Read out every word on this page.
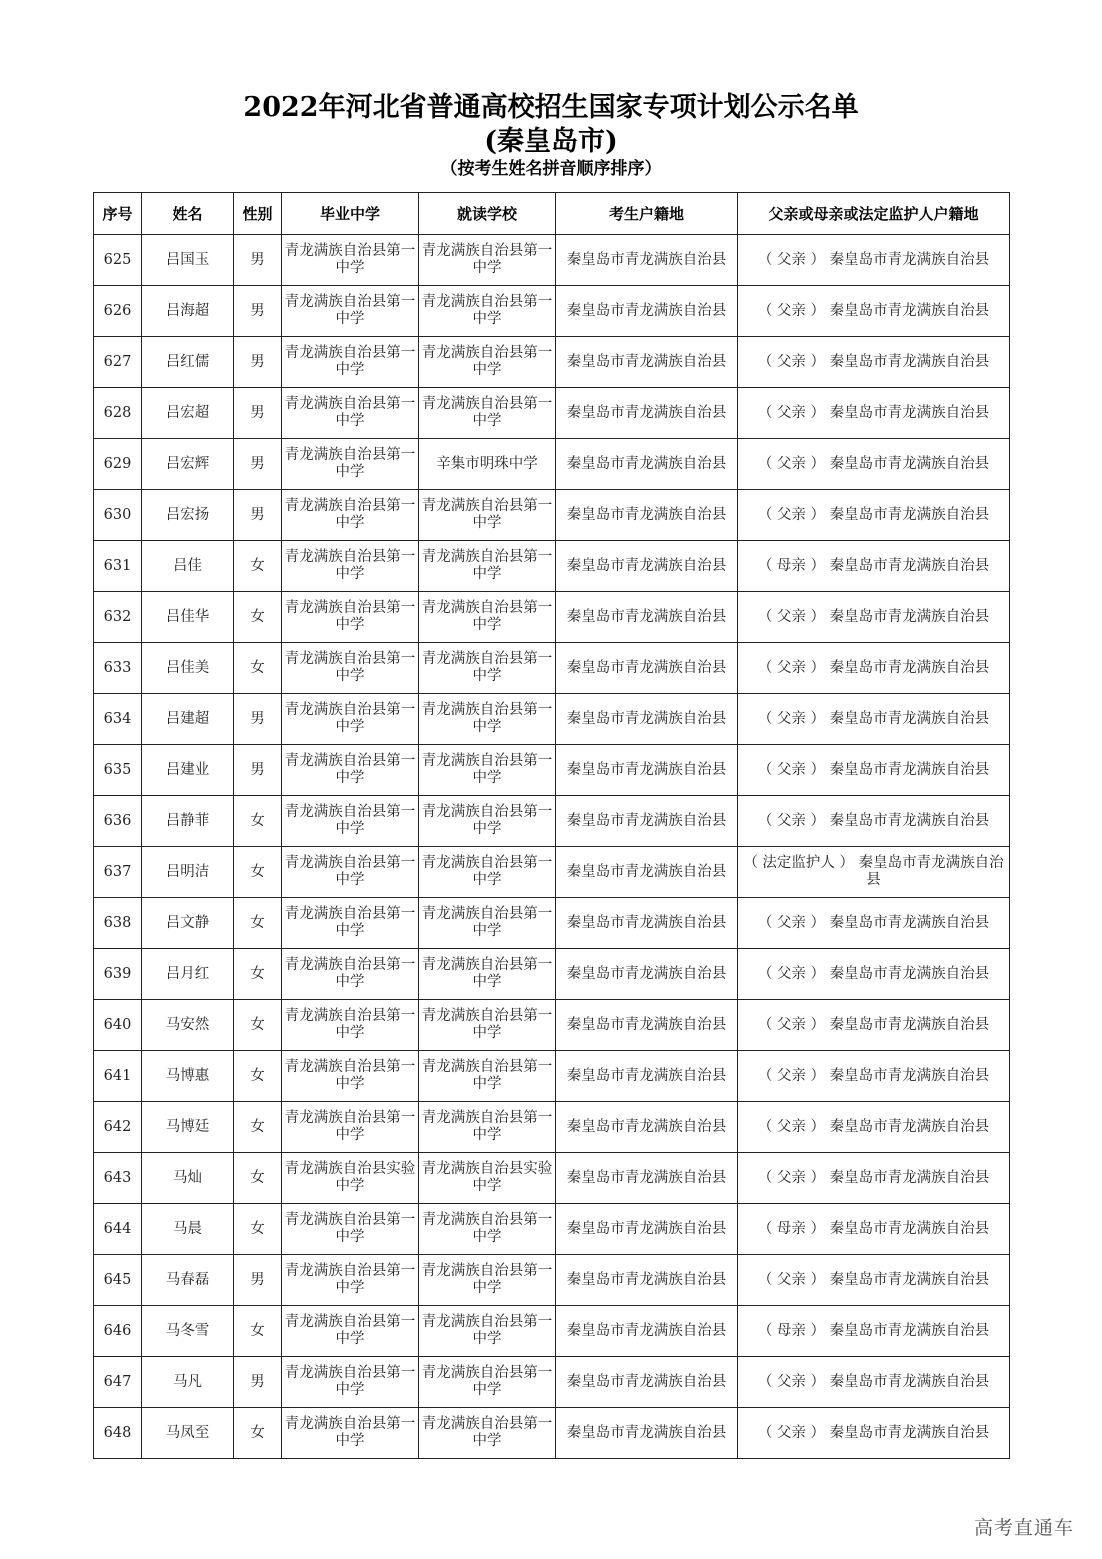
2022年河北省普通高校招生国家专项计划公示名单
(秦皇岛市)
（按考生姓名拼音顺序排序）
序号	姓名	性别	毕业中学	就读学校	考生户籍地	父亲或母亲或法定监护人户籍地
625	吕国玉	男	青龙满族自治县第一中学	青龙满族自治县第一中学	秦皇岛市青龙满族自治县	（ 父亲 ） 秦皇岛市青龙满族自治县
626	吕海超	男	青龙满族自治县第一中学	青龙满族自治县第一中学	秦皇岛市青龙满族自治县	（ 父亲 ） 秦皇岛市青龙满族自治县
627	吕红儒	男	青龙满族自治县第一中学	青龙满族自治县第一中学	秦皇岛市青龙满族自治县	（ 父亲 ） 秦皇岛市青龙满族自治县
628	吕宏超	男	青龙满族自治县第一中学	青龙满族自治县第一中学	秦皇岛市青龙满族自治县	（ 父亲 ） 秦皇岛市青龙满族自治县
629	吕宏辉	男	青龙满族自治县第一中学	辛集市明珠中学	秦皇岛市青龙满族自治县	（ 父亲 ） 秦皇岛市青龙满族自治县
630	吕宏扬	男	青龙满族自治县第一中学	青龙满族自治县第一中学	秦皇岛市青龙满族自治县	（ 父亲 ） 秦皇岛市青龙满族自治县
631	吕佳	女	青龙满族自治县第一中学	青龙满族自治县第一中学	秦皇岛市青龙满族自治县	（ 母亲 ） 秦皇岛市青龙满族自治县
632	吕佳华	女	青龙满族自治县第一中学	青龙满族自治县第一中学	秦皇岛市青龙满族自治县	（ 父亲 ） 秦皇岛市青龙满族自治县
633	吕佳美	女	青龙满族自治县第一中学	青龙满族自治县第一中学	秦皇岛市青龙满族自治县	（ 父亲 ） 秦皇岛市青龙满族自治县
634	吕建超	男	青龙满族自治县第一中学	青龙满族自治县第一中学	秦皇岛市青龙满族自治县	（ 父亲 ） 秦皇岛市青龙满族自治县
635	吕建业	男	青龙满族自治县第一中学	青龙满族自治县第一中学	秦皇岛市青龙满族自治县	（ 父亲 ） 秦皇岛市青龙满族自治县
636	吕静菲	女	青龙满族自治县第一中学	青龙满族自治县第一中学	秦皇岛市青龙满族自治县	（ 父亲 ） 秦皇岛市青龙满族自治县
637	吕明洁	女	青龙满族自治县第一中学	青龙满族自治县第一中学	秦皇岛市青龙满族自治县	（ 法定监护人 ） 秦皇岛市青龙满族自治县
638	吕文静	女	青龙满族自治县第一中学	青龙满族自治县第一中学	秦皇岛市青龙满族自治县	（ 父亲 ） 秦皇岛市青龙满族自治县
639	吕月红	女	青龙满族自治县第一中学	青龙满族自治县第一中学	秦皇岛市青龙满族自治县	（ 父亲 ） 秦皇岛市青龙满族自治县
640	马安然	女	青龙满族自治县第一中学	青龙满族自治县第一中学	秦皇岛市青龙满族自治县	（ 父亲 ） 秦皇岛市青龙满族自治县
641	马博惠	女	青龙满族自治县第一中学	青龙满族自治县第一中学	秦皇岛市青龙满族自治县	（ 父亲 ） 秦皇岛市青龙满族自治县
642	马博廷	女	青龙满族自治县第一中学	青龙满族自治县第一中学	秦皇岛市青龙满族自治县	（ 父亲 ） 秦皇岛市青龙满族自治县
643	马灿	女	青龙满族自治县实验中学	青龙满族自治县实验中学	秦皇岛市青龙满族自治县	（ 父亲 ） 秦皇岛市青龙满族自治县
644	马晨	女	青龙满族自治县第一中学	青龙满族自治县第一中学	秦皇岛市青龙满族自治县	（ 母亲 ） 秦皇岛市青龙满族自治县
645	马春磊	男	青龙满族自治县第一中学	青龙满族自治县第一中学	秦皇岛市青龙满族自治县	（ 父亲 ） 秦皇岛市青龙满族自治县
646	马冬雪	女	青龙满族自治县第一中学	青龙满族自治县第一中学	秦皇岛市青龙满族自治县	（ 母亲 ） 秦皇岛市青龙满族自治县
647	马凡	男	青龙满族自治县第一中学	青龙满族自治县第一中学	秦皇岛市青龙满族自治县	（ 父亲 ） 秦皇岛市青龙满族自治县
648	马凤至	女	青龙满族自治县第一中学	青龙满族自治县第一中学	秦皇岛市青龙满族自治县	（ 父亲 ） 秦皇岛市青龙满族自治县
高考直通车
